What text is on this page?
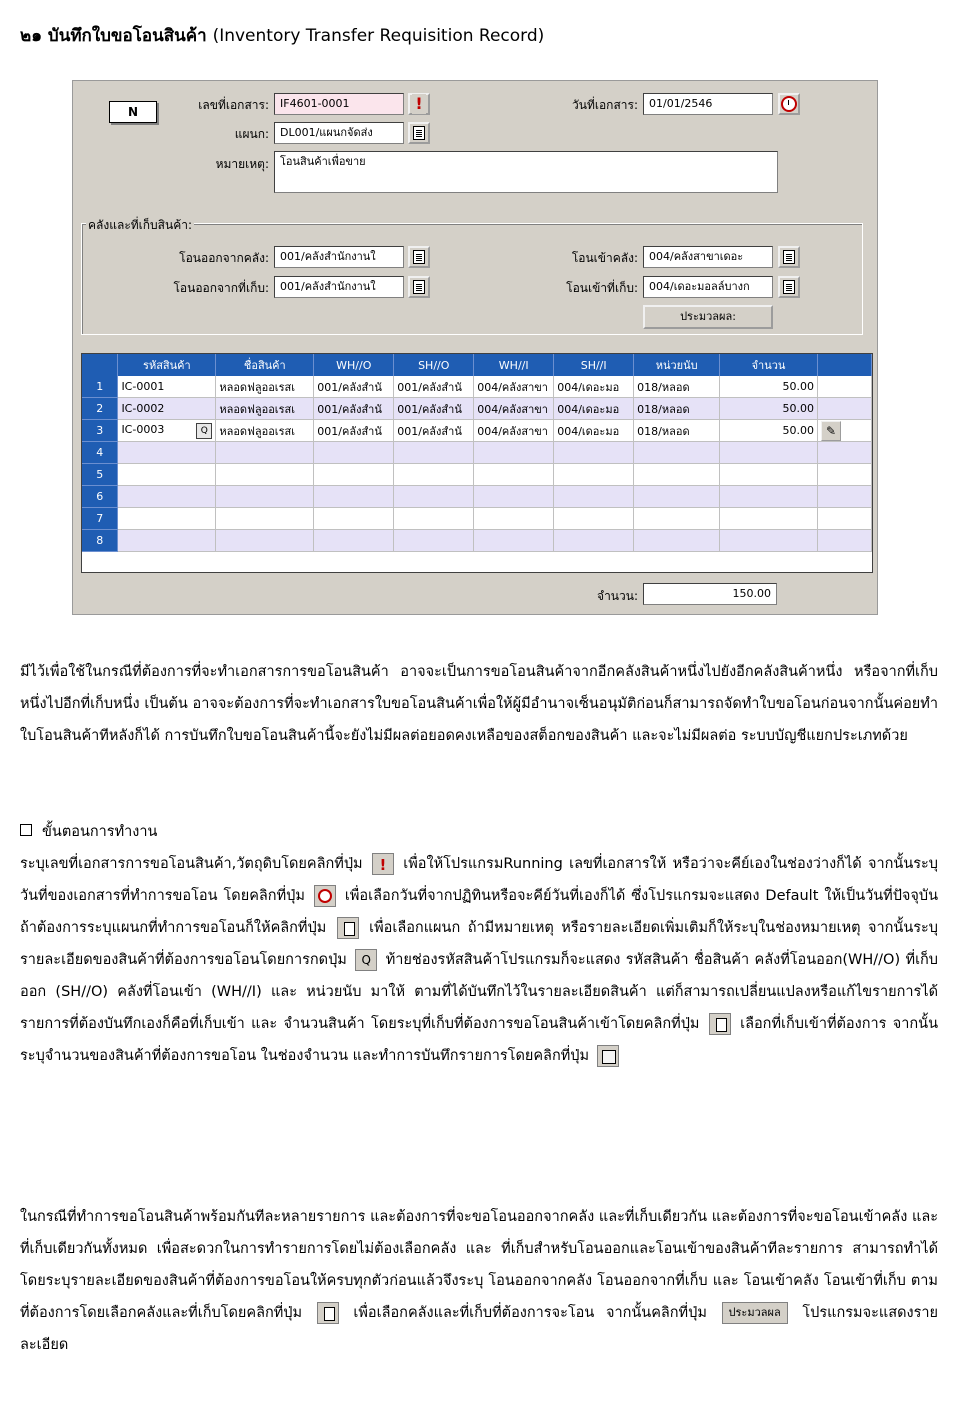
๒๑ บันทึกใบขอโอนสินค้า (Inventory Transfer Requisition Record)
N	เลขที่เอกสาร:	IF4601-0001	!	วันที่เอกสาร:	01/01/2546
แผนก:	DL001/แผนกจัดส่ง
หมายเหตุ:	โอนสินค้าเพื่อขาย
คลังและที่เก็บสินค้า:
โอนออกจากคลัง:	001/คลังสำนักงานใ
โอนออกจากที่เก็บ:	001/คลังสำนักงานใ
โอนเข้าคลัง:	004/คลังสาขาเดอะ
โอนเข้าที่เก็บ:	004/เดอะมอลล์บางก
ประมวลผล:
	รหัสสินค้า	ชื่อสินค้า	WH//O	SH//O	WH//I	SH//I	หน่วยนับ	จำนวน	
1	IC-0001	หลอดฟลูออเรสเ	001/คลังสำนั	001/คลังสำนั	004/คลังสาขา	004/เดอะมอ	018/หลอด	50.00	
2	IC-0002	หลอดฟลูออเรสเ	001/คลังสำนั	001/คลังสำนั	004/คลังสาขา	004/เดอะมอ	018/หลอด	50.00	
3	IC-0003 Q	หลอดฟลูออเรสเ	001/คลังสำนั	001/คลังสำนั	004/คลังสาขา	004/เดอะมอ	018/หลอด	50.00	✎
4									
5									
6									
7									
8									
จำนวน:	150.00
มีไว้เพื่อใช้ในกรณีที่ต้องการที่จะทำเอกสารการขอโอนสินค้า อาจจะเป็นการขอโอนสินค้าจากอีกคลังสินค้าหนึ่งไปยังอีกคลังสินค้าหนึ่ง หรือจากที่เก็บหนึ่งไปอีกที่เก็บหนึ่ง เป็นต้น อาจจะต้องการที่จะทำเอกสารใบขอโอนสินค้าเพื่อให้ผู้มีอำนาจเซ็นอนุมัติก่อนก็สามารถจัดทำใบขอโอนก่อนจากนั้นค่อยทำใบโอนสินค้าทีหลังก็ได้ การบันทึกใบขอโอนสินค้านี้จะยังไม่มีผลต่อยอดคงเหลือของสต็อกของสินค้า และจะไม่มีผลต่อ ระบบบัญชีแยกประเภทด้วย
ขั้นตอนการทำงาน
ระบุเลขที่เอกสารการขอโอนสินค้า,วัตถุดิบโดยคลิกที่ปุ่ม ! เพื่อให้โปรแกรมRunning เลขที่เอกสารให้ หรือว่าจะคีย์เองในช่องว่างก็ได้ จากนั้นระบุวันที่ของเอกสารที่ทำการขอโอน โดยคลิกที่ปุ่ม	เพื่อเลือกวันที่จากปฏิทินหรือจะคีย์วันที่เองก็ได้ ซึ่งโปรแกรมจะแสดง Default ให้เป็นวันที่ปัจจุบัน ถ้าต้องการระบุแผนกที่ทำการขอโอนก็ให้คลิกที่ปุ่ม	เพื่อเลือกแผนก ถ้ามีหมายเหตุ หรือรายละเอียดเพิ่มเติมก็ให้ระบุในช่องหมายเหตุ จากนั้นระบุรายละเอียดของสินค้าที่ต้องการขอโอนโดยการกดปุ่ม Q ท้ายช่องรหัสสินค้าโปรแกรมก็จะแสดง รหัสสินค้า ชื่อสินค้า คลังที่โอนออก(WH//O) ที่เก็บออก (SH//O) คลังที่โอนเข้า (WH//I) และ หน่วยนับ มาให้ ตามที่ได้บันทึกไว้ในรายละเอียดสินค้า แต่ก็สามารถเปลี่ยนแปลงหรือแก้ไขรายการได้ รายการที่ต้องบันทึกเองก็คือที่เก็บเข้า และ จำนวนสินค้า โดยระบุที่เก็บที่ต้องการขอโอนสินค้าเข้าโดยคลิกที่ปุ่ม	เลือกที่เก็บเข้าที่ต้องการ จากนั้นระบุจำนวนของสินค้าที่ต้องการขอโอน ในช่องจำนวน และทำการบันทึกรายการโดยคลิกที่ปุ่ม
ในกรณีที่ทำการขอโอนสินค้าพร้อมกันทีละหลายรายการ และต้องการที่จะขอโอนออกจากคลัง และที่เก็บเดียวกัน และต้องการที่จะขอโอนเข้าคลัง และที่เก็บเดียวกันทั้งหมด เพื่อสะดวกในการทำรายการโดยไม่ต้องเลือกคลัง และ ที่เก็บสำหรับโอนออกและโอนเข้าของสินค้าทีละรายการ สามารถทำได้โดยระบุรายละเอียดของสินค้าที่ต้องการขอโอนให้ครบทุกตัวก่อนแล้วจึงระบุ โอนออกจากคลัง โอนออกจากที่เก็บ และ โอนเข้าคลัง โอนเข้าที่เก็บ ตามที่ต้องการโดยเลือกคลังและที่เก็บโดยคลิกที่ปุ่ม	เพื่อเลือกคลังและที่เก็บที่ต้องการจะโอน จากนั้นคลิกที่ปุ่ม ประมวลผล โปรแกรมจะแสดงรายละเอียด
